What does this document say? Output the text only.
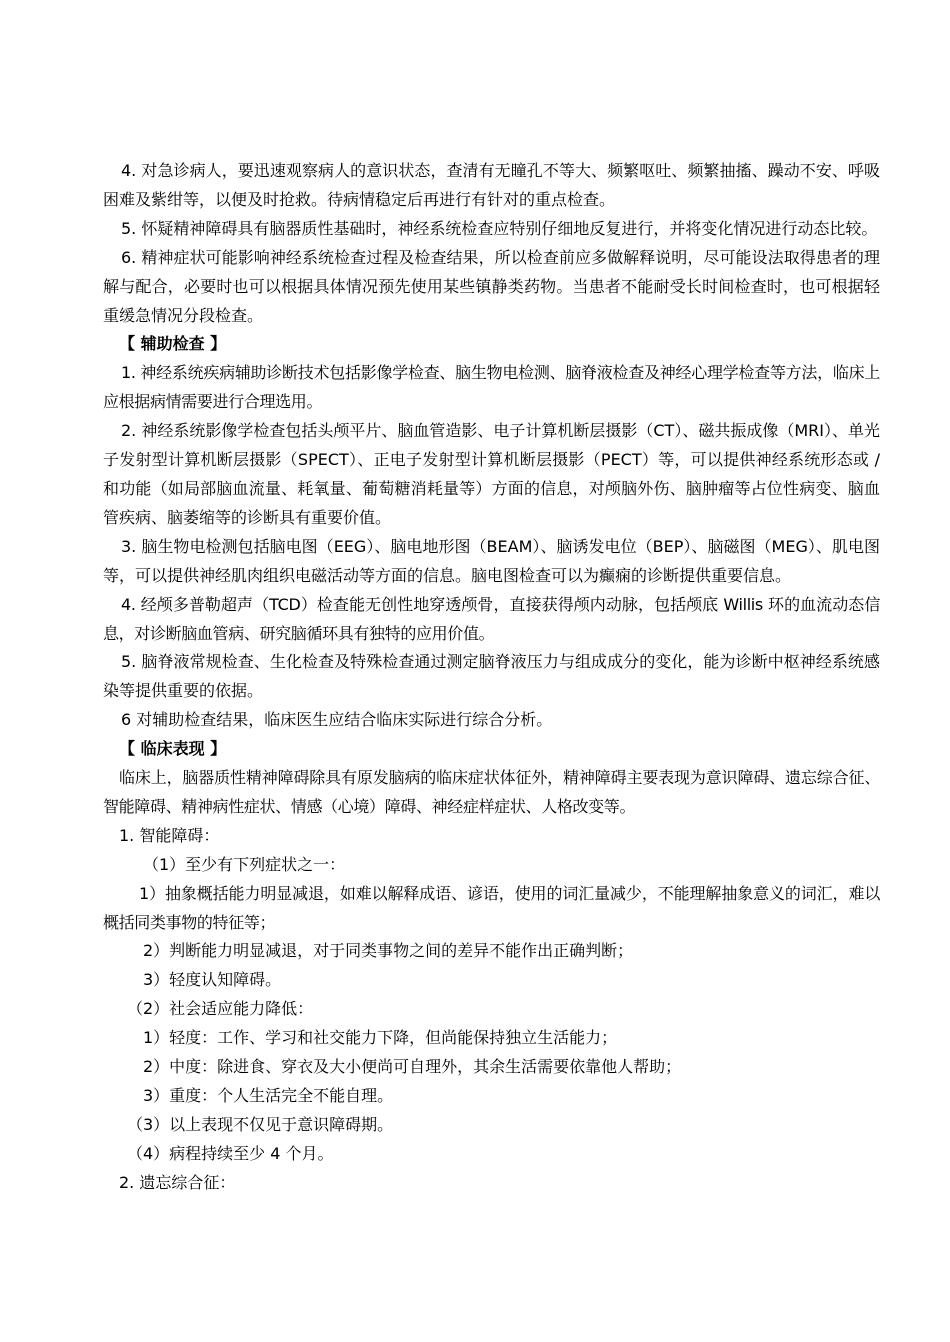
4. 对急诊病人，要迅速观察病人的意识状态，查清有无瞳孔不等大、频繁呕吐、频繁抽搐、躁动不安、呼吸困难及紫绀等，以便及时抢救。待病情稳定后再进行有针对的重点检查。

5. 怀疑精神障碍具有脑器质性基础时，神经系统检查应特别仔细地反复进行，并将变化情况进行动态比较。

6. 精神症状可能影响神经系统检查过程及检查结果，所以检查前应多做解释说明，尽可能设法取得患者的理解与配合，必要时也可以根据具体情况预先使用某些镇静类药物。当患者不能耐受长时间检查时，也可根据轻重缓急情况分段检查。

【 辅助检查 】

1. 神经系统疾病辅助诊断技术包括影像学检查、脑生物电检测、脑脊液检查及神经心理学检查等方法，临床上应根据病情需要进行合理选用。

2. 神经系统影像学检查包括头颅平片、脑血管造影、电子计算机断层摄影（CT）、磁共振成像（MRI）、单光子发射型计算机断层摄影（SPECT）、正电子发射型计算机断层摄影（PECT）等，可以提供神经系统形态或 / 和功能（如局部脑血流量、耗氧量、葡萄糖消耗量等）方面的信息，对颅脑外伤、脑肿瘤等占位性病变、脑血管疾病、脑萎缩等的诊断具有重要价值。

3. 脑生物电检测包括脑电图（EEG）、脑电地形图（BEAM）、脑诱发电位（BEP）、脑磁图（MEG）、肌电图等，可以提供神经肌肉组织电磁活动等方面的信息。脑电图检查可以为癫痫的诊断提供重要信息。

4. 经颅多普勒超声（TCD）检查能无创性地穿透颅骨，直接获得颅内动脉，包括颅底 Willis 环的血流动态信息，对诊断脑血管病、研究脑循环具有独特的应用价值。

5. 脑脊液常规检查、生化检查及特殊检查通过测定脑脊液压力与组成成分的变化，能为诊断中枢神经系统感染等提供重要的依据。

6 对辅助检查结果，临床医生应结合临床实际进行综合分析。

【 临床表现 】

临床上，脑器质性精神障碍除具有原发脑病的临床症状体征外，精神障碍主要表现为意识障碍、遗忘综合征、智能障碍、精神病性症状、情感（心境）障碍、神经症样症状、人格改变等。

1. 智能障碍：

（1）至少有下列症状之一：

1）抽象概括能力明显减退，如难以解释成语、谚语，使用的词汇量减少，不能理解抽象意义的词汇，难以概括同类事物的特征等；

2）判断能力明显减退，对于同类事物之间的差异不能作出正确判断；

3）轻度认知障碍。

（2）社会适应能力降低：

1）轻度：工作、学习和社交能力下降，但尚能保持独立生活能力；

2）中度：除进食、穿衣及大小便尚可自理外，其余生活需要依靠他人帮助；

3）重度：个人生活完全不能自理。

（3）以上表现不仅见于意识障碍期。

（4）病程持续至少 4 个月。

2. 遗忘综合征：
